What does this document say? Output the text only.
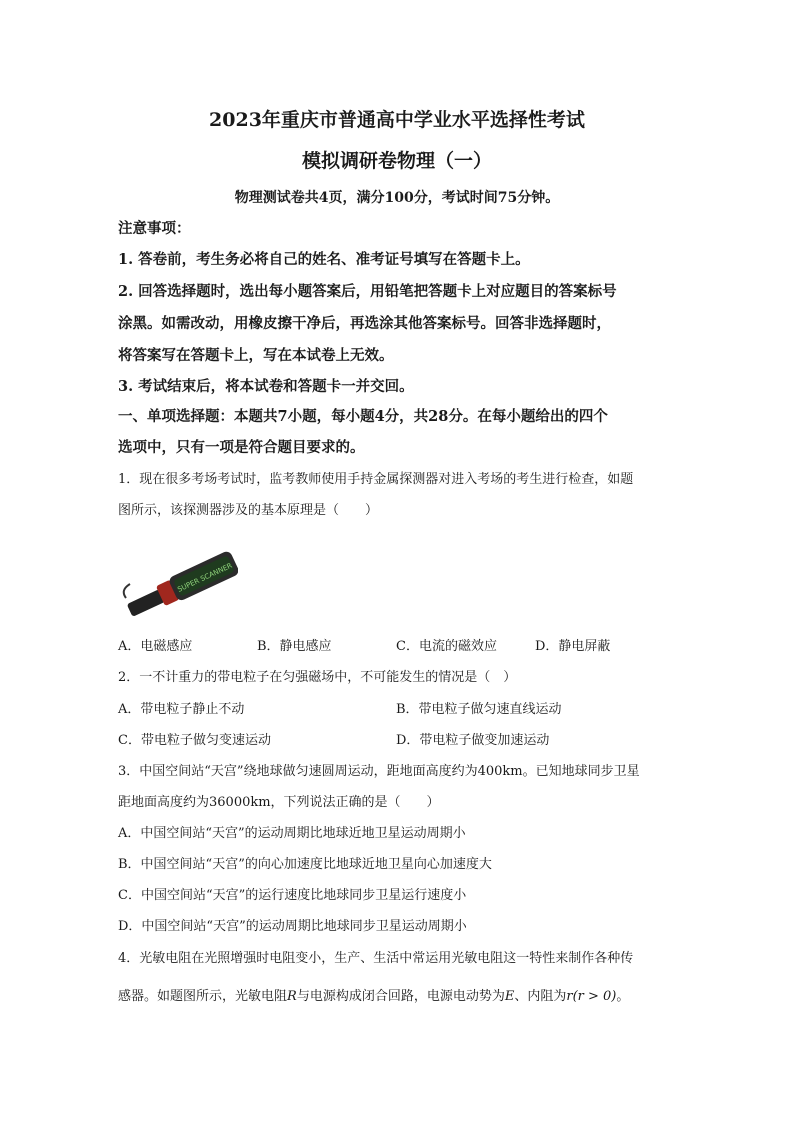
2023年重庆市普通高中学业水平选择性考试
模拟调研卷物理（一）
物理测试卷共4页，满分100分，考试时间75分钟。
注意事项：
1. 答卷前，考生务必将自己的姓名、准考证号填写在答题卡上。
2. 回答选择题时，选出每小题答案后，用铅笔把答题卡上对应题目的答案标号
涂黑。如需改动，用橡皮擦干净后，再选涂其他答案标号。回答非选择题时，
将答案写在答题卡上，写在本试卷上无效。
3. 考试结束后，将本试卷和答题卡一并交回。
一、单项选择题：本题共7小题，每小题4分，共28分。在每小题给出的四个
选项中，只有一项是符合题目要求的。
1．现在很多考场考试时，监考教师使用手持金属探测器对进入考场的考生进行检查，如题
图所示，该探测器涉及的基本原理是（　　）
SUPER SCANNER
A．电磁感应	B．静电感应	C．电流的磁效应	D．静电屏蔽
2．一不计重力的带电粒子在匀强磁场中，不可能发生的情况是（　）
A．带电粒子静止不动	B．带电粒子做匀速直线运动
C．带电粒子做匀变速运动	D．带电粒子做变加速运动
3．中国空间站“天宫”绕地球做匀速圆周运动，距地面高度约为400km。已知地球同步卫星
距地面高度约为36000km，下列说法正确的是（　　）
A．中国空间站“天宫”的运动周期比地球近地卫星运动周期小
B．中国空间站“天宫”的向心加速度比地球近地卫星向心加速度大
C．中国空间站“天宫”的运行速度比地球同步卫星运行速度小
D．中国空间站“天宫”的运动周期比地球同步卫星运动周期小
4．光敏电阻在光照增强时电阻变小，生产、生活中常运用光敏电阻这一特性来制作各种传
感器。如题图所示，光敏电阻R与电源构成闭合回路，电源电动势为E、内阻为r(r > 0)。
